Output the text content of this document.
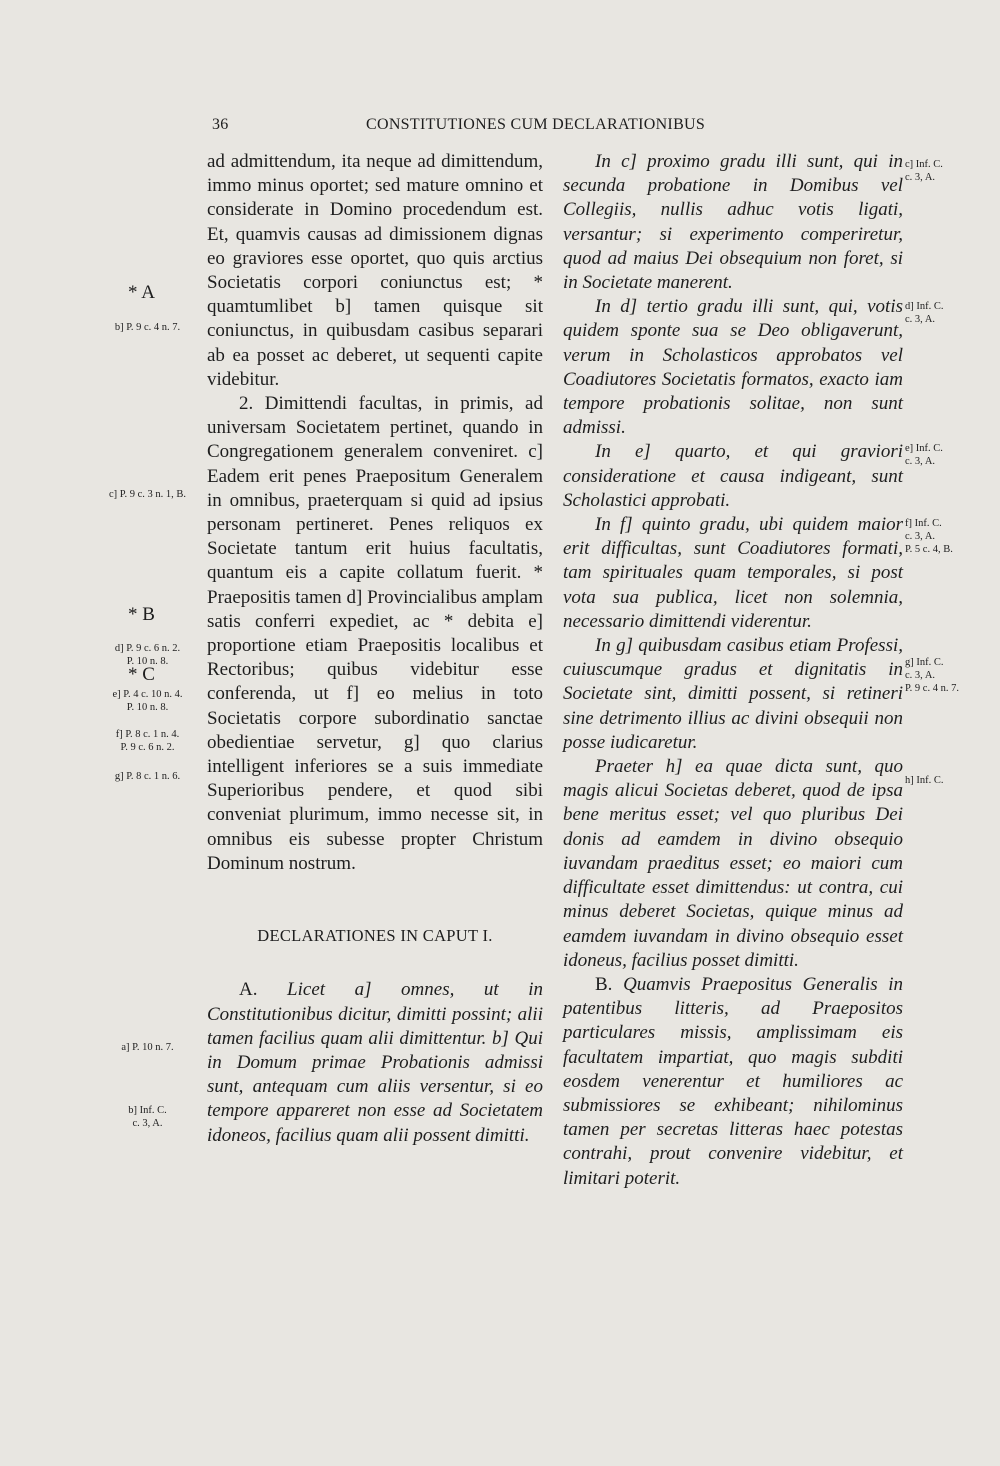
36	CONSTITUTIONES CUM DECLARATIONIBUS
* A
* B
* C
b] P. 9 c. 4 n. 7.
c] P. 9 c. 3 n. 1, B.
d] P. 9 c. 6 n. 2.
P. 10 n. 8.
e] P. 4 c. 10 n. 4.
P. 10 n. 8.
f] P. 8 c. 1 n. 4.
P. 9 c. 6 n. 2.
g] P. 8 c. 1 n. 6.
a] P. 10 n. 7.
b] Inf. C.
c. 3, A.

ad admittendum, ita neque ad dimittendum, immo minus oportet; sed mature omnino et considerate in Domino procedendum est. Et, quamvis causas ad dimissionem dignas eo graviores esse oportet, quo quis arctius Societatis corpori coniunctus est; * quamtumlibet b] tamen quisque sit coniunctus, in quibusdam casibus separari ab ea posset ac deberet, ut sequenti capite videbitur.

2. Dimittendi facultas, in primis, ad universam Societatem pertinet, quando in Congregationem generalem conveniret. c] Eadem erit penes Praepositum Generalem in omnibus, praeterquam si quid ad ipsius personam pertineret. Penes reliquos ex Societate tantum erit huius facultatis, quantum eis a capite collatum fuerit. * Praepositis tamen d] Provincialibus amplam satis conferri expediet, ac * debita e] proportione etiam Praepositis localibus et Rectoribus; quibus videbitur esse conferenda, ut f] eo melius in toto Societatis corpore subordinatio sanctae obedientiae servetur, g] quo clarius intelligent inferiores se a suis immediate Superioribus pendere, et quod sibi conveniat plurimum, immo necesse sit, in omnibus eis subesse propter Christum Dominum nostrum.

DECLARATIONES IN CAPUT I.

A. Licet a] omnes, ut in Constitutionibus dicitur, dimitti possint; alii tamen facilius quam alii dimittentur. b] Qui in Domum primae Probationis admissi sunt, antequam cum aliis versentur, si eo tempore appareret non esse ad Societatem idoneos, facilius quam alii possent dimitti.

In c] proximo gradu illi sunt, qui in secunda probatione in Domibus vel Collegiis, nullis adhuc votis ligati, versantur; si experimento comperiretur, quod ad maius Dei obsequium non foret, si in Societate manerent.

In d] tertio gradu illi sunt, qui, votis quidem sponte sua se Deo obligaverunt, verum in Scholasticos approbatos vel Coadiutores Societatis formatos, exacto iam tempore probationis solitae, non sunt admissi.

In e] quarto, et qui graviori consideratione et causa indigeant, sunt Scholastici approbati.

In f] quinto gradu, ubi quidem maior erit difficultas, sunt Coadiutores formati, tam spirituales quam temporales, si post vota sua publica, licet non solemnia, necessario dimittendi viderentur.

In g] quibusdam casibus etiam Professi, cuiuscumque gradus et dignitatis in Societate sint, dimitti possent, si retineri sine detrimento illius ac divini obsequii non posse iudicaretur.

Praeter h] ea quae dicta sunt, quo magis alicui Societas deberet, quod de ipsa bene meritus esset; vel quo pluribus Dei donis ad eamdem in divino obsequio iuvandam praeditus esset; eo maiori cum difficultate esset dimittendus: ut contra, cui minus deberet Societas, quique minus ad eamdem iuvandam in divino obsequio esset idoneus, facilius posset dimitti.

B. Quamvis Praepositus Generalis in patentibus litteris, ad Praepositos particulares missis, amplissimam eis facultatem impartiat, quo magis subditi eosdem venerentur et humiliores ac submissiores se exhibeant; nihilominus tamen per secretas litteras haec potestas contrahi, prout convenire videbitur, et limitari poterit.

c] Inf. C.
c. 3, A.
d] Inf. C.
c. 3, A.
e] Inf. C.
c. 3, A.
f] Inf. C.
c. 3, A.
P. 5 c. 4, B.
g] Inf. C.
c. 3, A.
P. 9 c. 4 n. 7.
h] Inf. C.
